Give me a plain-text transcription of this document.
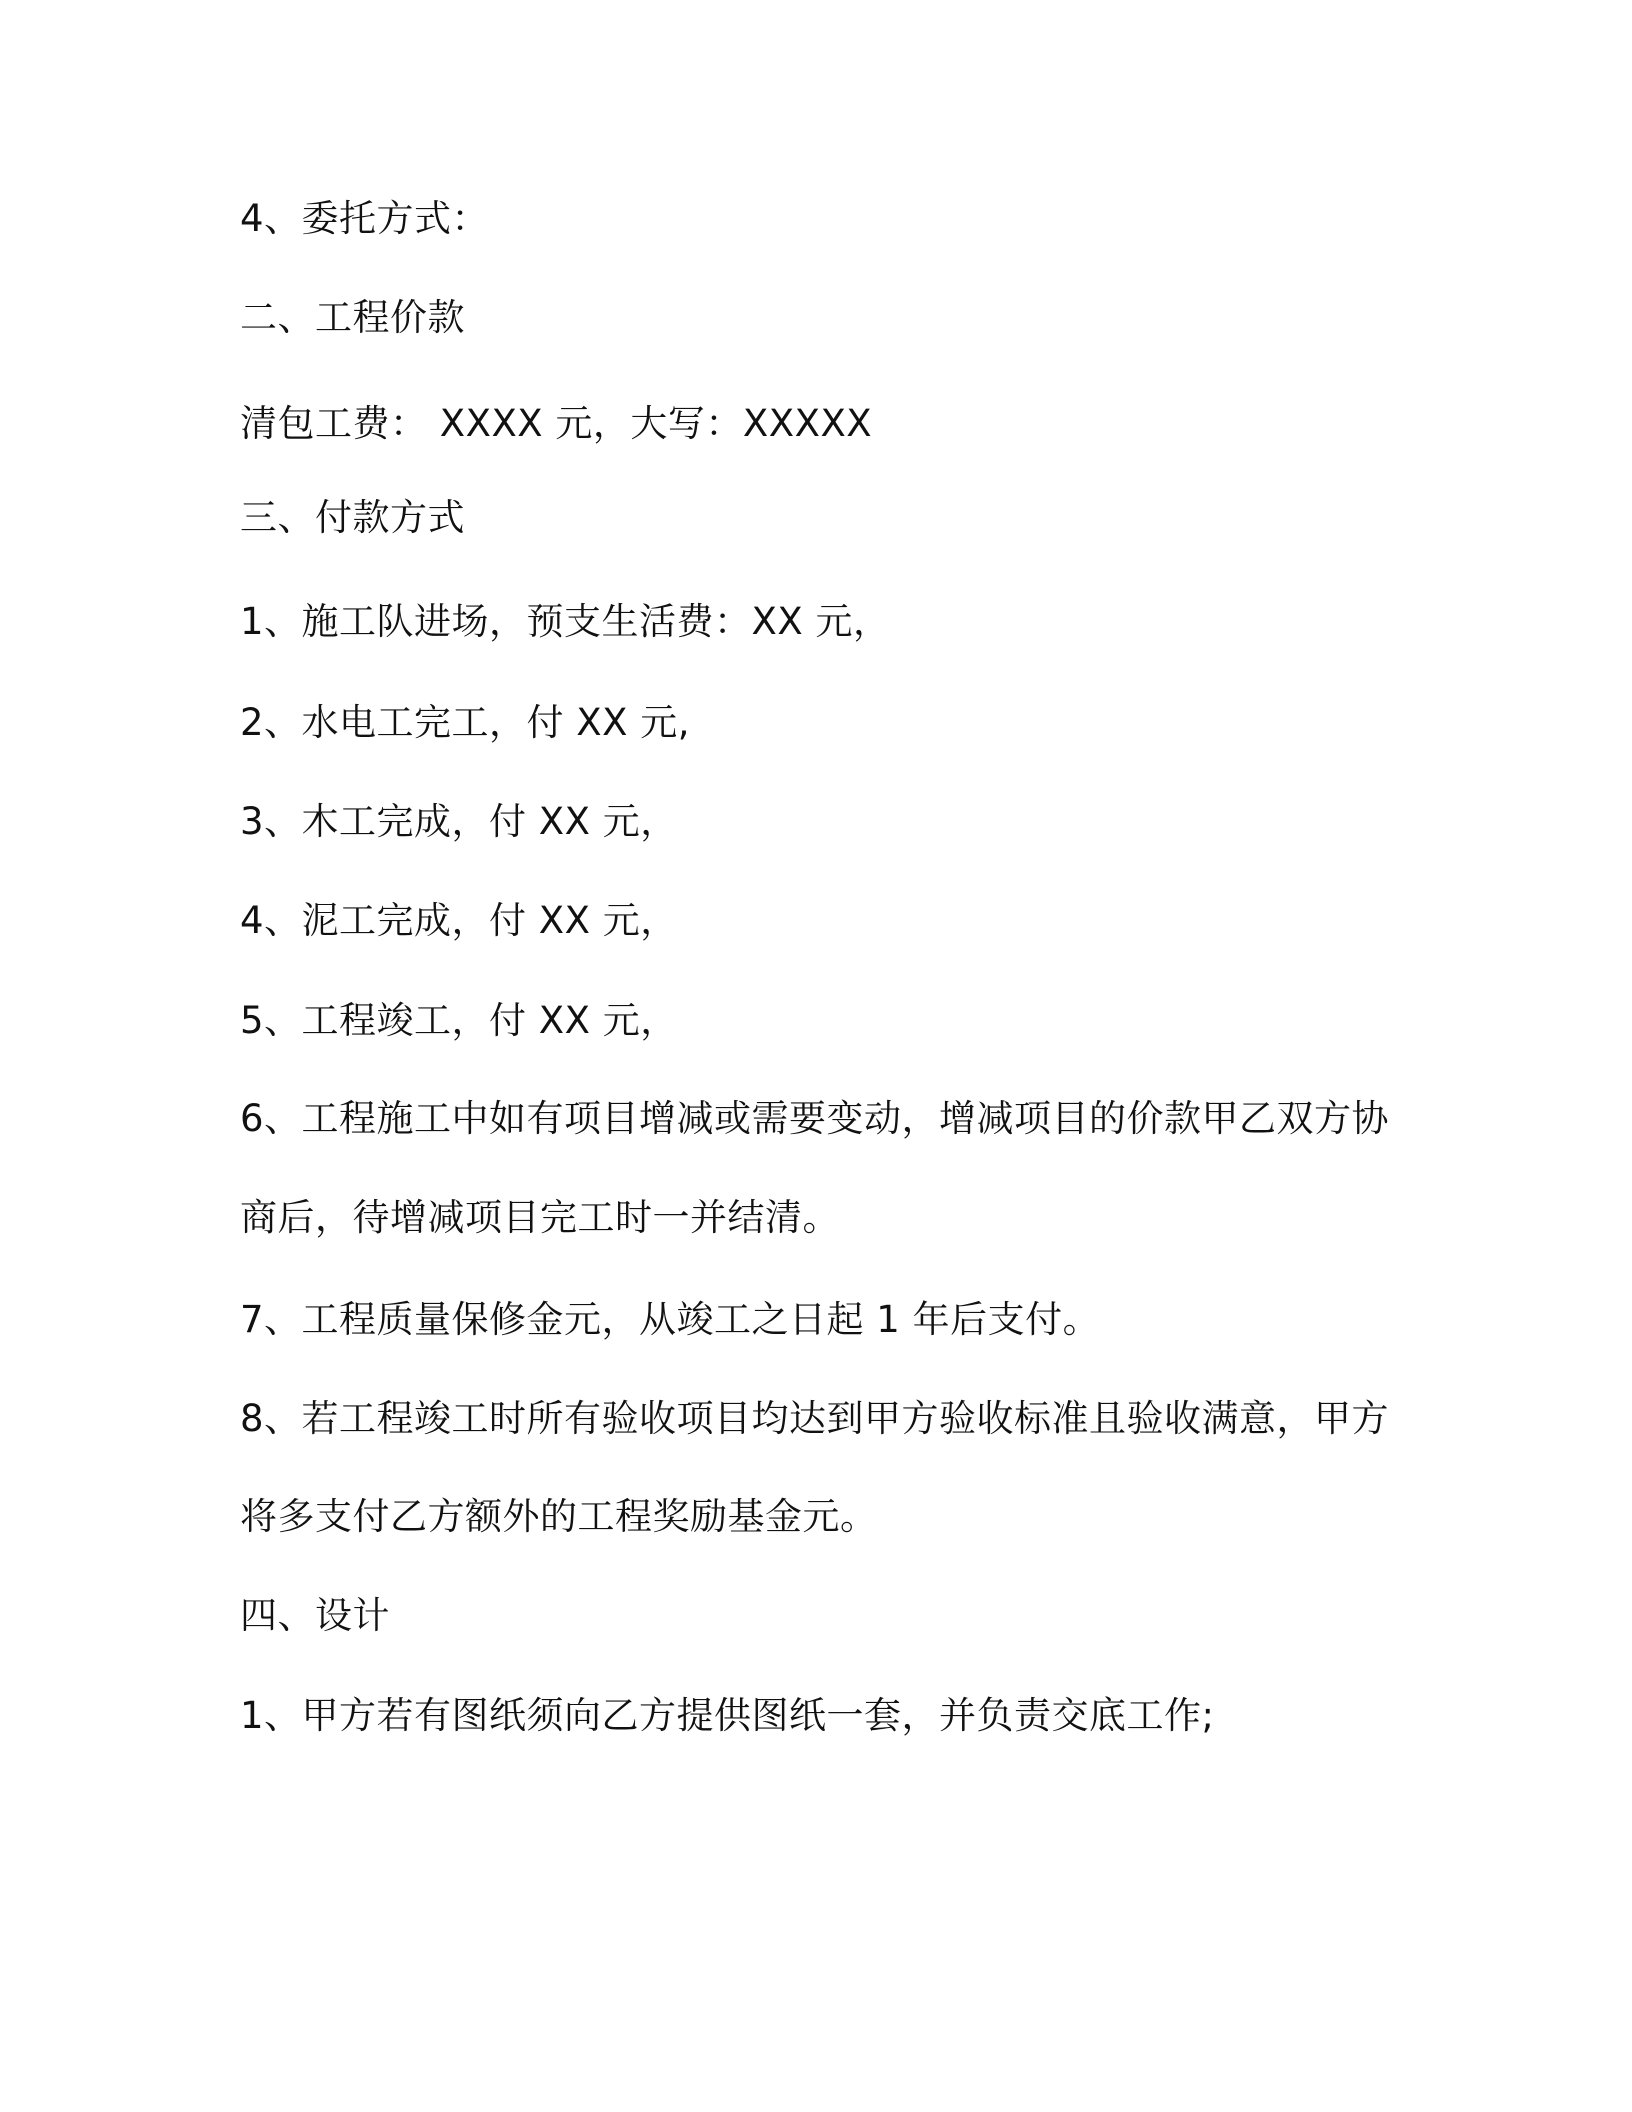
4、委托方式：

二、工程价款

清包工费： XXXX 元，大写：XXXXX

三、付款方式

1、施工队进场，预支生活费：XX 元，

2、水电工完工，付 XX 元,

3、木工完成，付 XX 元，

4、泥工完成，付 XX 元，

5、工程竣工，付 XX 元，

6、工程施工中如有项目增减或需要变动，增减项目的价款甲乙双方协

商后，待增减项目完工时一并结清。

7、工程质量保修金元，从竣工之日起 1 年后支付。

8、若工程竣工时所有验收项目均达到甲方验收标准且验收满意，甲方

将多支付乙方额外的工程奖励基金元。

四、设计

1、甲方若有图纸须向乙方提供图纸一套，并负责交底工作;
